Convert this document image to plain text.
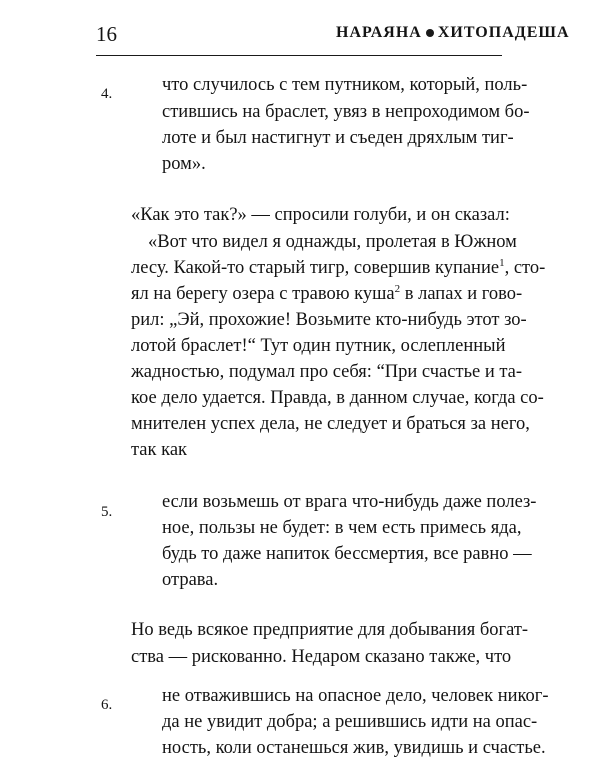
16	НАРАЯНА ХИТОПАДЕША
4.	что случилось с тем путником, который, поль-
стившись на браслет, увяз в непроходимом бо-
лоте и был настигнут и съеден дряхлым тиг-
ром».
«Как это так?» — спросили голуби, и он сказал:
«Вот что видел я однажды, пролетая в Южном
лесу. Какой-то старый тигр, совершив купание$^1$, сто-
ял на берегу озера с травою куша$^2$ в лапах и гово-
рил: „Эй, прохожие! Возьмите кто-нибудь этот зо-
лотой браслет!“ Тут один путник, ослепленный
жадностью, подумал про себя: “При счастье и та-
кое дело удается. Правда, в данном случае, когда со-
мнителен успех дела, не следует и браться за него,
так как
5.	если возьмешь от врага что-нибудь даже полез-
ное, пользы не будет: в чем есть примесь яда,
будь то даже напиток бессмертия, все равно —
отрава.
Но ведь всякое предприятие для добывания богат-
ства — рискованно. Недаром сказано также, что
6.	не отважившись на опасное дело, человек никог-
да не увидит добра; а решившись идти на опас-
ность, коли останешься жив, увидишь и счастье.
